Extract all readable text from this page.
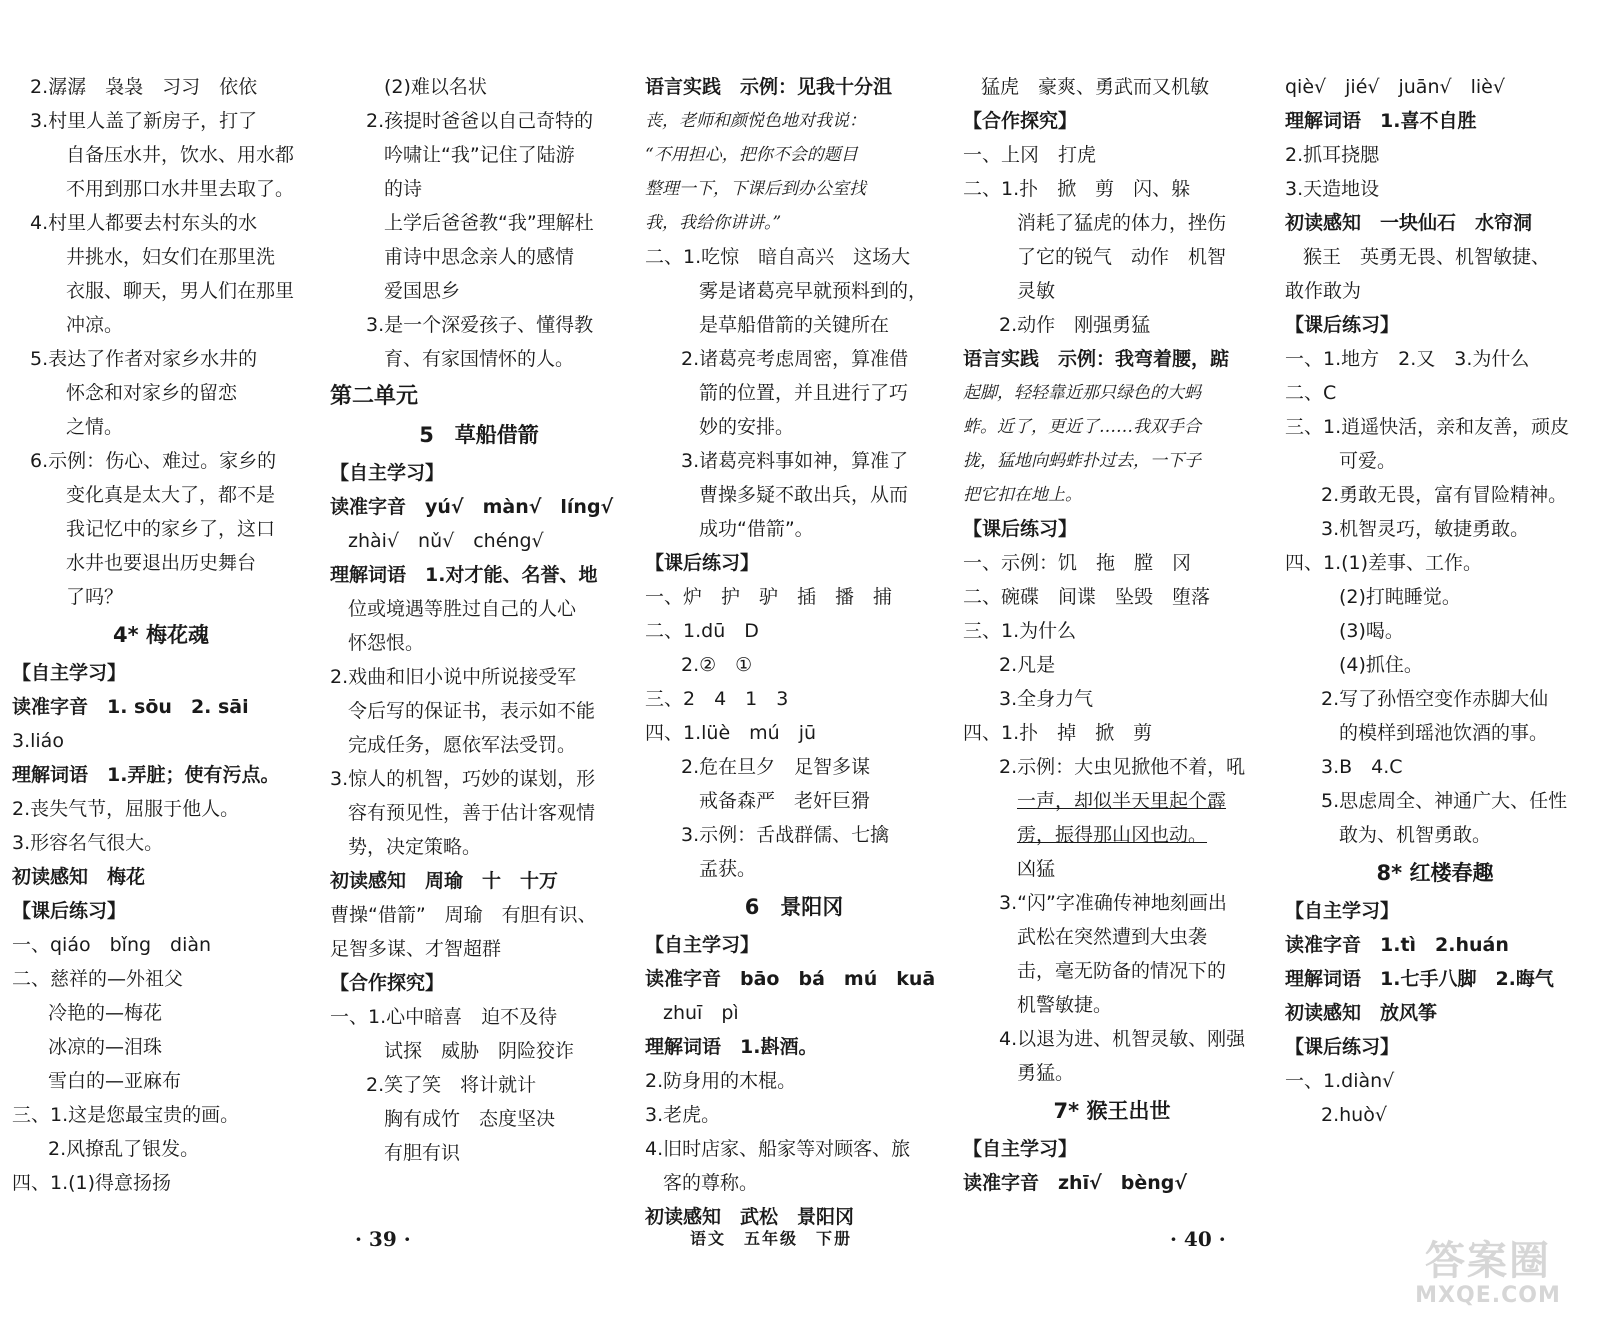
2.潺潺　袅袅　习习　依依
3.村里人盖了新房子，打了
自备压水井，饮水、用水都
不用到那口水井里去取了。
4.村里人都要去村东头的水
井挑水，妇女们在那里洗
衣服、聊天，男人们在那里
冲凉。
5.表达了作者对家乡水井的
怀念和对家乡的留恋
之情。
6.示例：伤心、难过。家乡的
变化真是太大了，都不是
我记忆中的家乡了，这口
水井也要退出历史舞台
了吗？
4* 梅花魂
【自主学习】
读准字音　1. sōu　2. sāi
3.liáo
理解词语　1.弄脏；使有污点。
2.丧失气节，屈服于他人。
3.形容名气很大。
初读感知　梅花
【课后练习】
一、qiáo　bǐng　diàn
二、慈祥的—外祖父
冷艳的—梅花
冰凉的—泪珠
雪白的—亚麻布
三、1.这是您最宝贵的画。
2.风撩乱了银发。
四、1.(1)得意扬扬
(2)难以名状
2.孩提时爸爸以自己奇特的
吟啸让“我”记住了陆游
的诗
上学后爸爸教“我”理解杜
甫诗中思念亲人的感情
爱国思乡
3.是一个深爱孩子、懂得教
育、有家国情怀的人。
第二单元
5　草船借箭
【自主学习】
读准字音　yú√　màn√　líng√
zhài√　nǔ√　chéng√
理解词语　1.对才能、名誉、地
位或境遇等胜过自己的人心
怀怨恨。
2.戏曲和旧小说中所说接受军
令后写的保证书，表示如不能
完成任务，愿依军法受罚。
3.惊人的机智，巧妙的谋划，形
容有预见性，善于估计客观情
势，决定策略。
初读感知　周瑜　十　十万
曹操“借箭”　周瑜　有胆有识、
足智多谋、才智超群
【合作探究】
一、1.心中暗喜　迫不及待
试探　威胁　阴险狡诈
2.笑了笑　将计就计
胸有成竹　态度坚决
有胆有识
语言实践　示例：见我十分沮
丧，老师和颜悦色地对我说：
“不用担心，把你不会的题目
整理一下，下课后到办公室找
我，我给你讲讲。”
二、1.吃惊　暗自高兴　这场大
雾是诸葛亮早就预料到的，
是草船借箭的关键所在
2.诸葛亮考虑周密，算准借
箭的位置，并且进行了巧
妙的安排。
3.诸葛亮料事如神，算准了
曹操多疑不敢出兵，从而
成功“借箭”。
【课后练习】
一、炉　护　驴　插　播　捕
二、1.dū　D
2.②　①
三、2　4　1　3
四、1.lüè　mú　jū
2.危在旦夕　足智多谋
戒备森严　老奸巨猾
3.示例：舌战群儒、七擒
孟获。
6　景阳冈
【自主学习】
读准字音　bāo　bá　mú　kuā
zhuī　pì
理解词语　1.斟酒。
2.防身用的木棍。
3.老虎。
4.旧时店家、船家等对顾客、旅
客的尊称。
初读感知　武松　景阳冈
猛虎　豪爽、勇武而又机敏
【合作探究】
一、上冈　打虎
二、1.扑　掀　剪　闪、躲
消耗了猛虎的体力，挫伤
了它的锐气　动作　机智
灵敏
2.动作　刚强勇猛
语言实践　示例：我弯着腰，踮
起脚，轻轻靠近那只绿色的大蚂
蚱。近了，更近了……我双手合
拢，猛地向蚂蚱扑过去，一下子
把它扣在地上。
【课后练习】
一、示例：饥　拖　膛　冈
二、碗碟　间谍　坠毁　堕落
三、1.为什么
2.凡是
3.全身力气
四、1.扑　掉　掀　剪
2.示例：大虫见掀他不着，吼
一声，却似半天里起个霹
雳，振得那山冈也动。
凶猛
3.“闪”字准确传神地刻画出
武松在突然遭到大虫袭
击，毫无防备的情况下的
机警敏捷。
4.以退为进、机智灵敏、刚强
勇猛。
7* 猴王出世
【自主学习】
读准字音　zhī√　bèng√
qiè√　jié√　juān√　liè√
理解词语　1.喜不自胜
2.抓耳挠腮
3.天造地设
初读感知　一块仙石　水帘洞
猴王　英勇无畏、机智敏捷、
敢作敢为
【课后练习】
一、1.地方　2.又　3.为什么
二、C
三、1.逍遥快活，亲和友善，顽皮
可爱。
2.勇敢无畏，富有冒险精神。
3.机智灵巧，敏捷勇敢。
四、1.(1)差事、工作。
(2)打盹睡觉。
(3)喝。
(4)抓住。
2.写了孙悟空变作赤脚大仙
的模样到瑶池饮酒的事。
3.B　4.C
5.思虑周全、神通广大、任性
敢为、机智勇敢。
8* 红楼春趣
【自主学习】
读准字音　1.tì　2.huán
理解词语　1.七手八脚　2.晦气
初读感知　放风筝
【课后练习】
一、1.diàn√
2.huò√
· 39 ·	语文　五年级　下册	· 40 ·	答案圈
MXQE.COM
